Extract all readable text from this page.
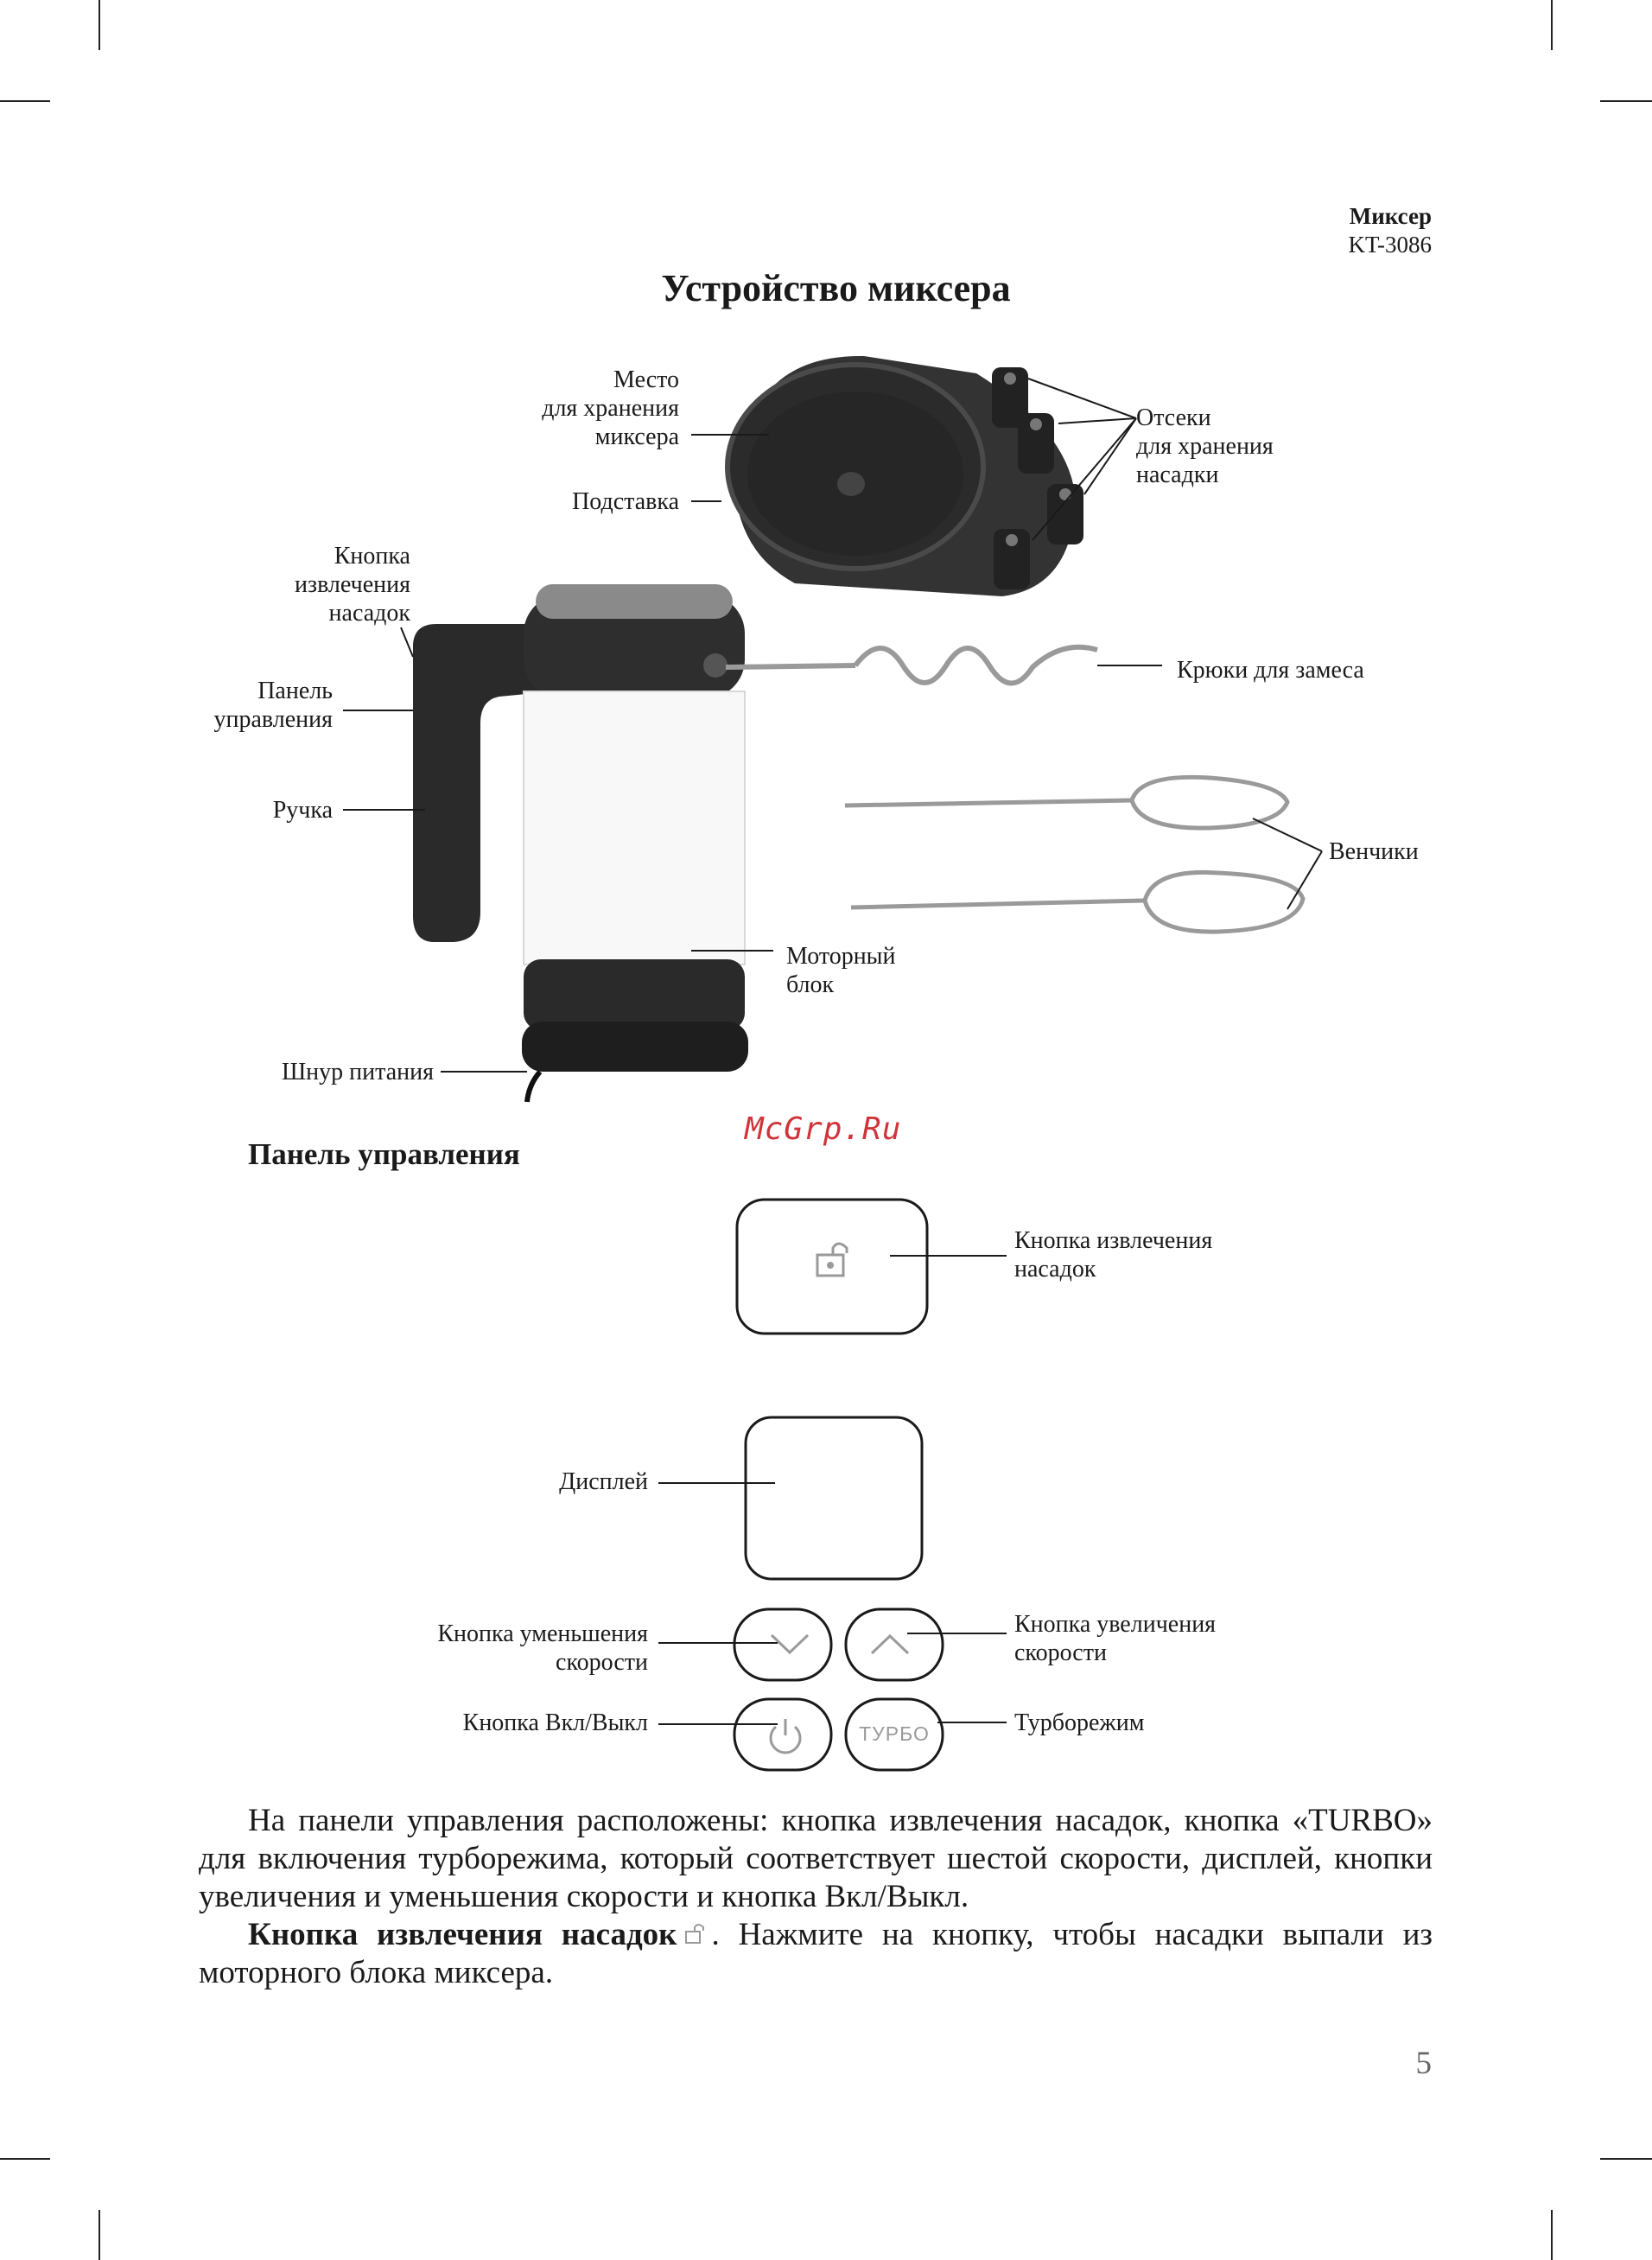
Миксер
KT-3086
Устройство миксера
Место
для хранения
миксера
Подставка
Отсеки
для хранения
насадки
Кнопка
извлечения
насадок
Панель
управления
Ручка
Крюки для замеса
Венчики
Моторный
блок
Шнур питания
McGrp.Ru
Панель управления
ТУРБО
Кнопка извлечения
насадок
Дисплей
Кнопка уменьшения
скорости
Кнопка увеличения
скорости
Кнопка Вкл/Выкл	Турборежим
На панели управления расположены: кнопка извлечения насадок, кнопка «TURBO» для включения турборежима, который соответствует шестой скорости, дисплей, кнопки увеличения и уменьшения скорости и кнопка Вкл/Выкл.
Кнопка извлечения насадок . Нажмите на кнопку, чтобы насадки выпали из моторного блока миксера.
5
